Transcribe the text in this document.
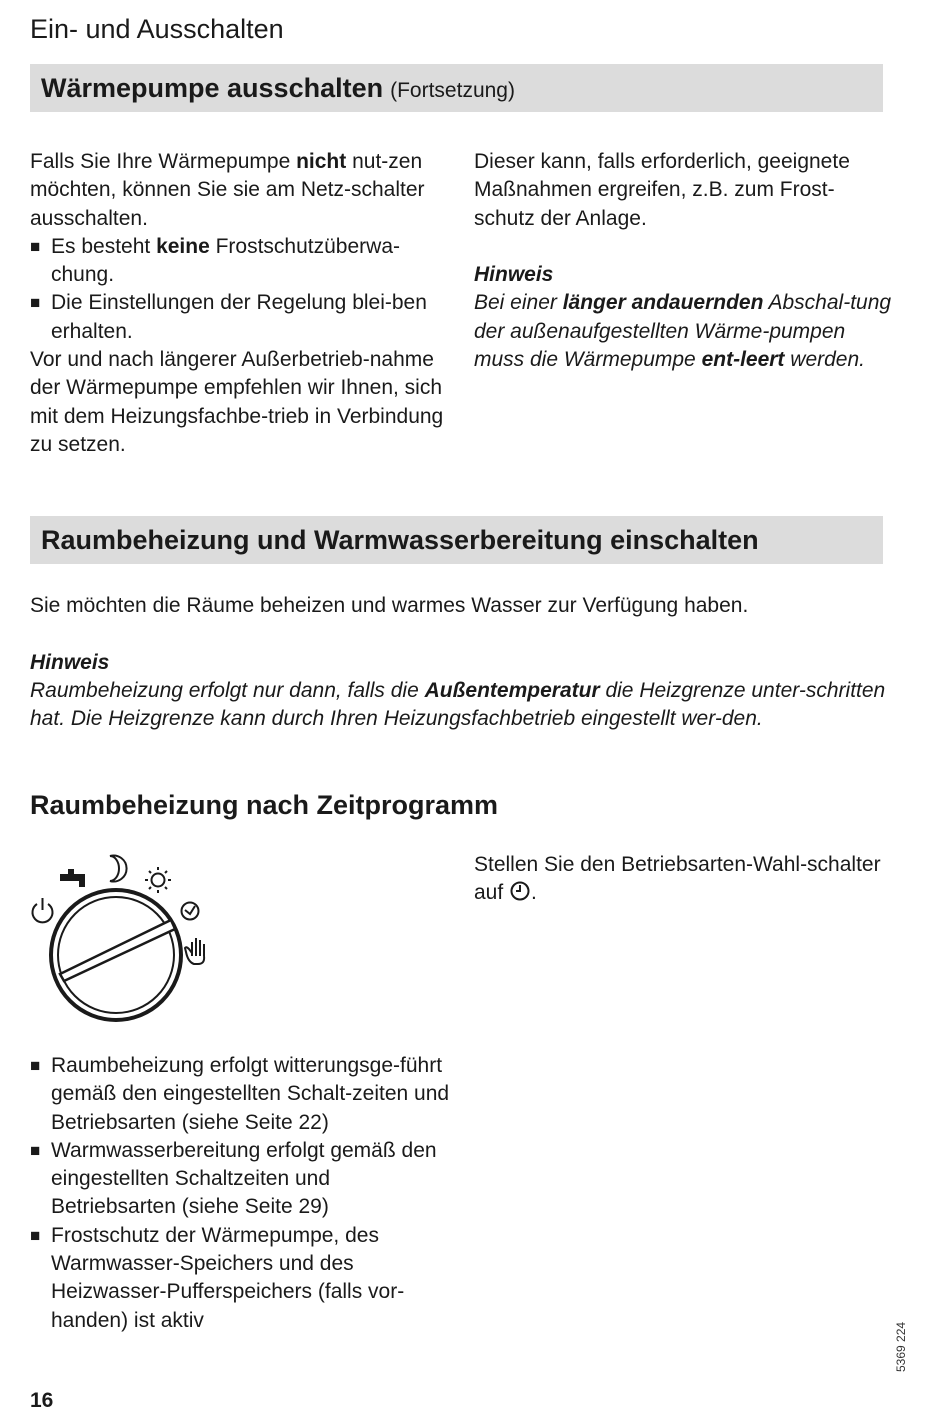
Ein- und Ausschalten
Wärmepumpe ausschalten (Fortsetzung)

Falls Sie Ihre Wärmepumpe nicht nut-zen möchten, können Sie sie am Netz-schalter ausschalten.

■ Es besteht keine Frostschutzüberwa-chung.
■ Die Einstellungen der Regelung blei-ben erhalten.

Vor und nach längerer Außerbetrieb-nahme der Wärmepumpe empfehlen wir Ihnen, sich mit dem Heizungsfachbe-trieb in Verbindung zu setzen.

Dieser kann, falls erforderlich, geeignete Maßnahmen ergreifen, z.B. zum Frost-schutz der Anlage.

Hinweis

Bei einer länger andauernden Abschal-tung der außenaufgestellten Wärme-pumpen muss die Wärmepumpe ent-leert werden.

Raumbeheizung und Warmwasserbereitung einschalten

Sie möchten die Räume beheizen und warmes Wasser zur Verfügung haben.

Hinweis

Raumbeheizung erfolgt nur dann, falls die Außentemperatur die Heizgrenze unter-schritten hat. Die Heizgrenze kann durch Ihren Heizungsfachbetrieb eingestellt wer-den.

Raumbeheizung nach Zeitprogramm

Stellen Sie den Betriebsarten-Wahl-schalter auf .

■ Raumbeheizung erfolgt witterungsge-führt gemäß den eingestellten Schalt-zeiten und Betriebsarten (siehe Seite 22)
■ Warmwasserbereitung erfolgt gemäß den eingestellten Schaltzeiten und Betriebsarten (siehe Seite 29)
■ Frostschutz der Wärmepumpe, des Warmwasser-Speichers und des Heizwasser-Pufferspeichers (falls vor-handen) ist aktiv
16
5369 224
